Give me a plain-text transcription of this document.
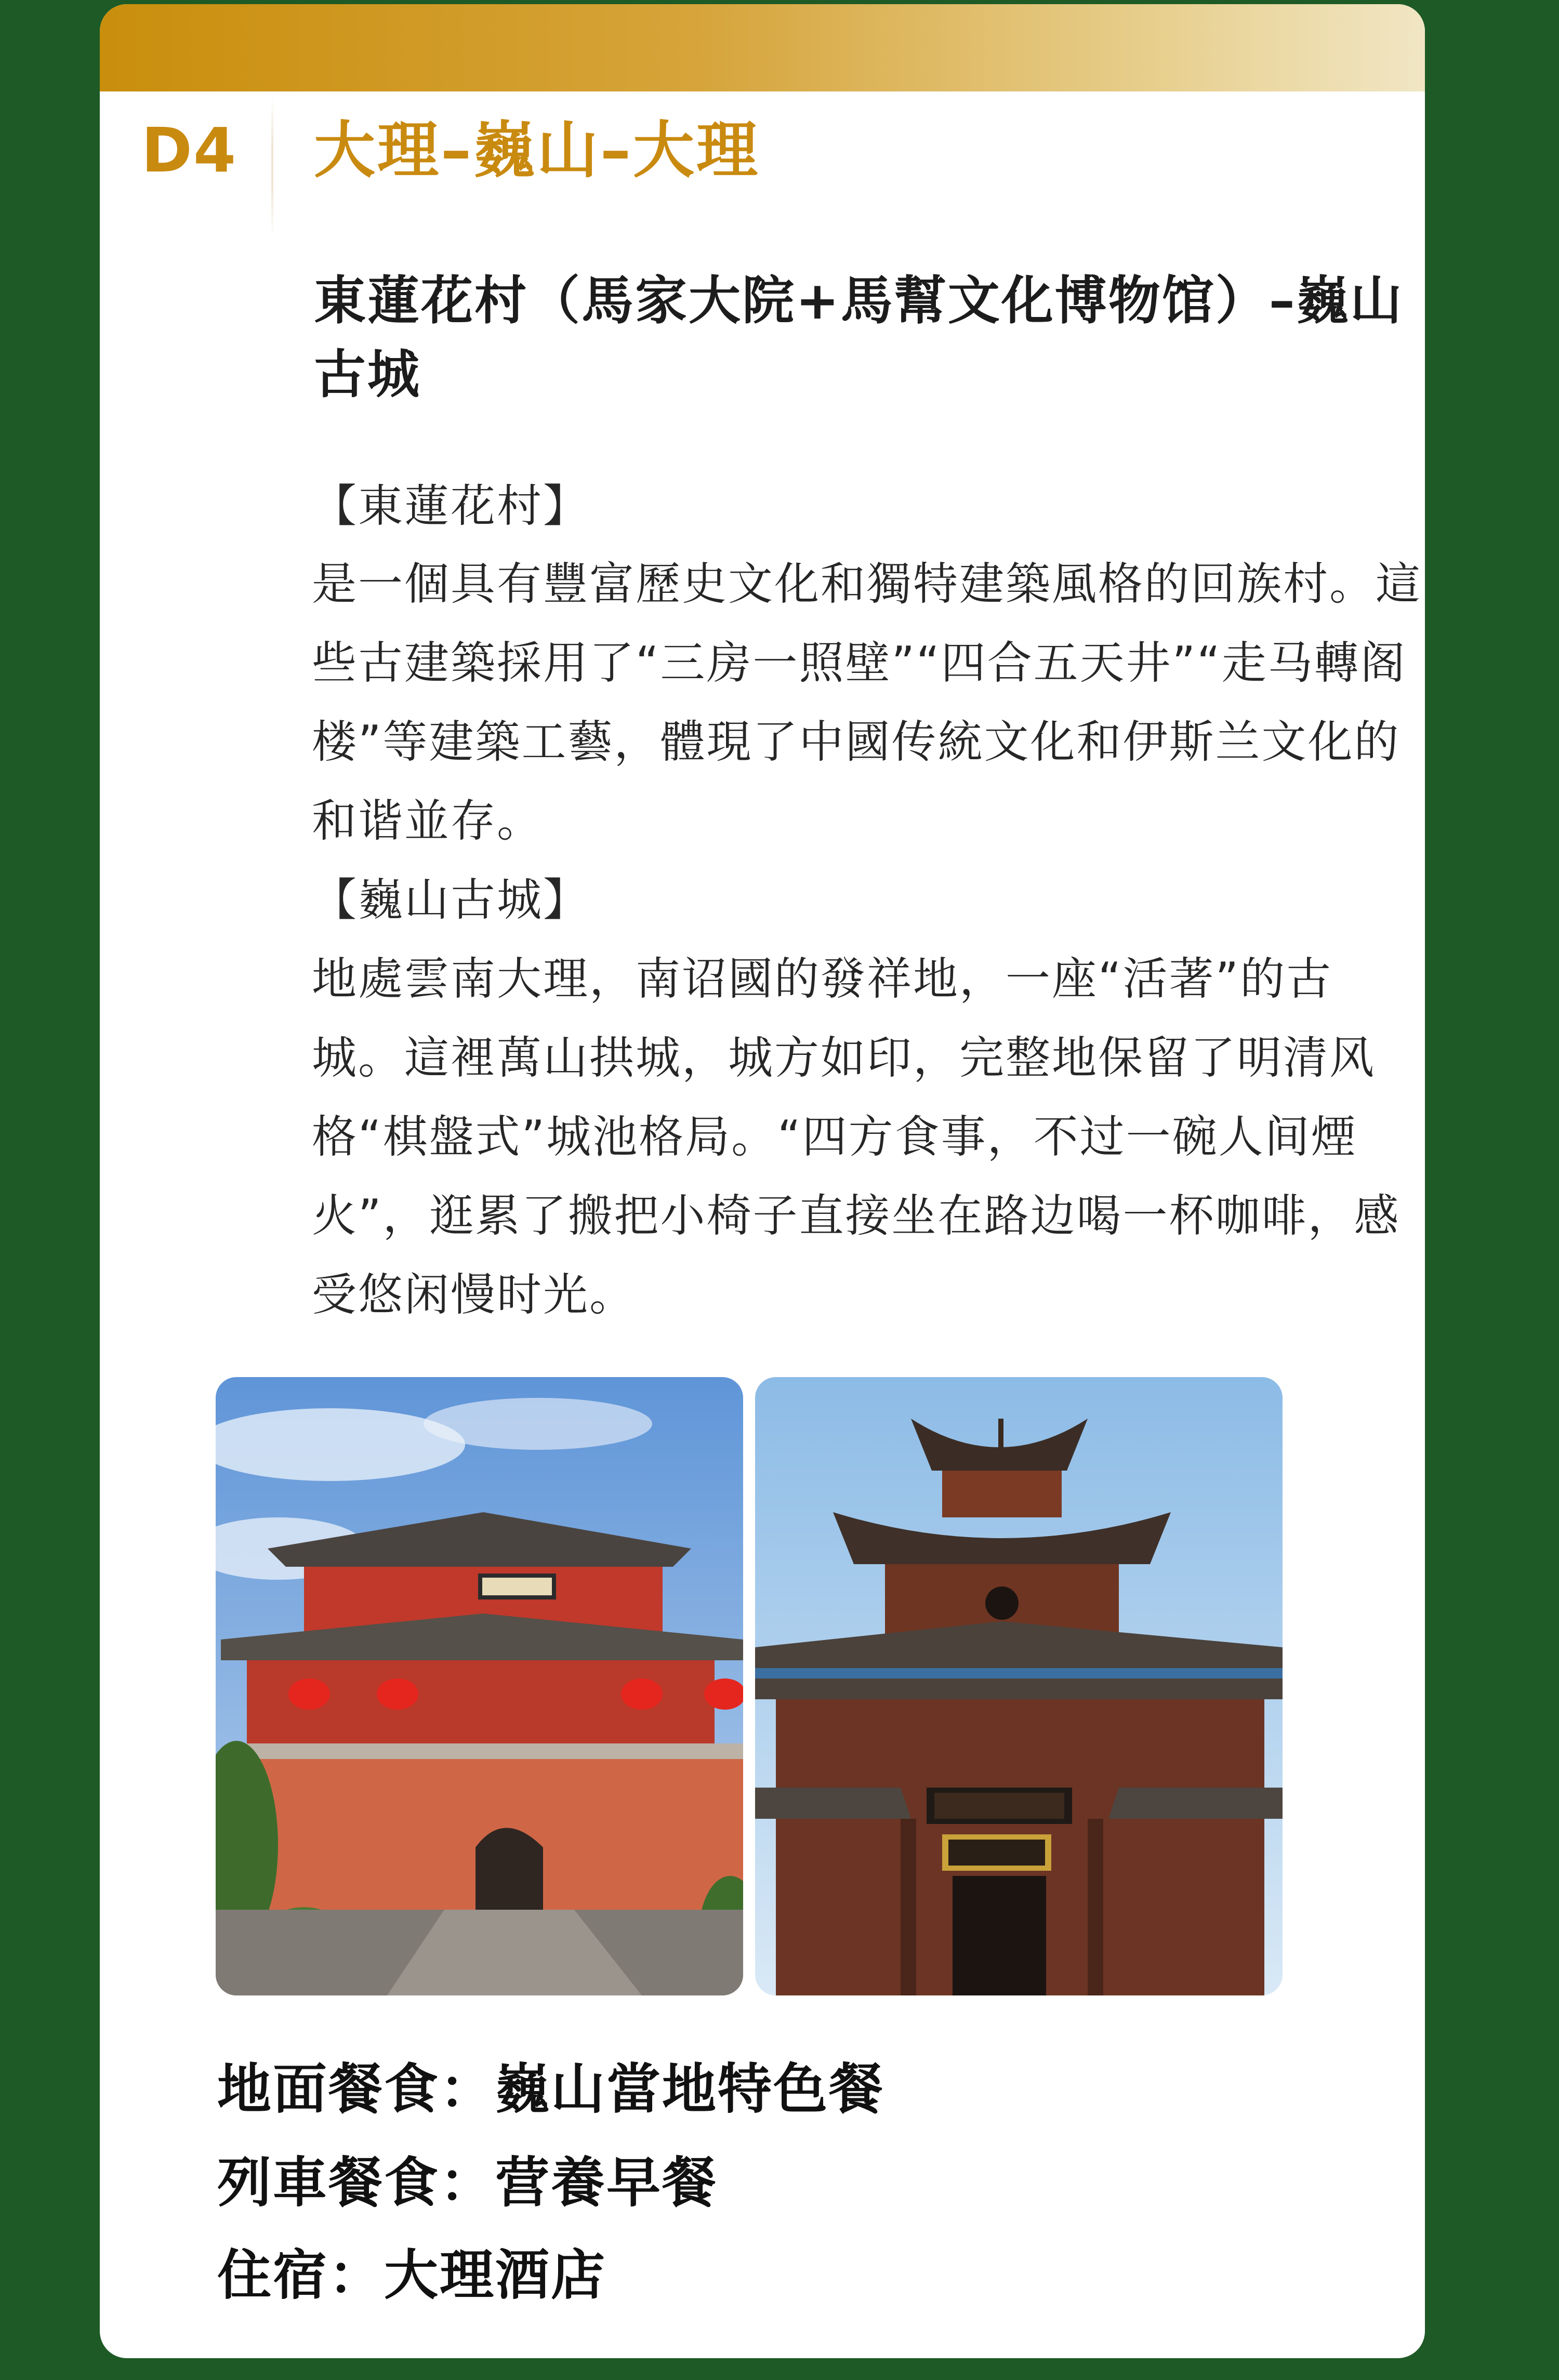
D4 大理–巍山–大理
東蓮花村（馬家大院+馬幫文化博物馆）–巍山古城
【東蓮花村】
是一個具有豐富歷史文化和獨特建築風格的回族村。這些古建築採用了“三房一照壁”“四合五天井”“走马轉阁楼”等建築工藝，體現了中國传統文化和伊斯兰文化的和谐並存。
【巍山古城】
地處雲南大理，南诏國的發祥地，一座“活著”的古城。這裡萬山拱城，城方如印，完整地保留了明清风格“棋盤式”城池格局。“四方食事，不过一碗人间煙火”，逛累了搬把小椅子直接坐在路边喝一杯咖啡，感受悠闲慢时光。
地面餐食：巍山當地特色餐
列車餐食：营養早餐
住宿：大理酒店
